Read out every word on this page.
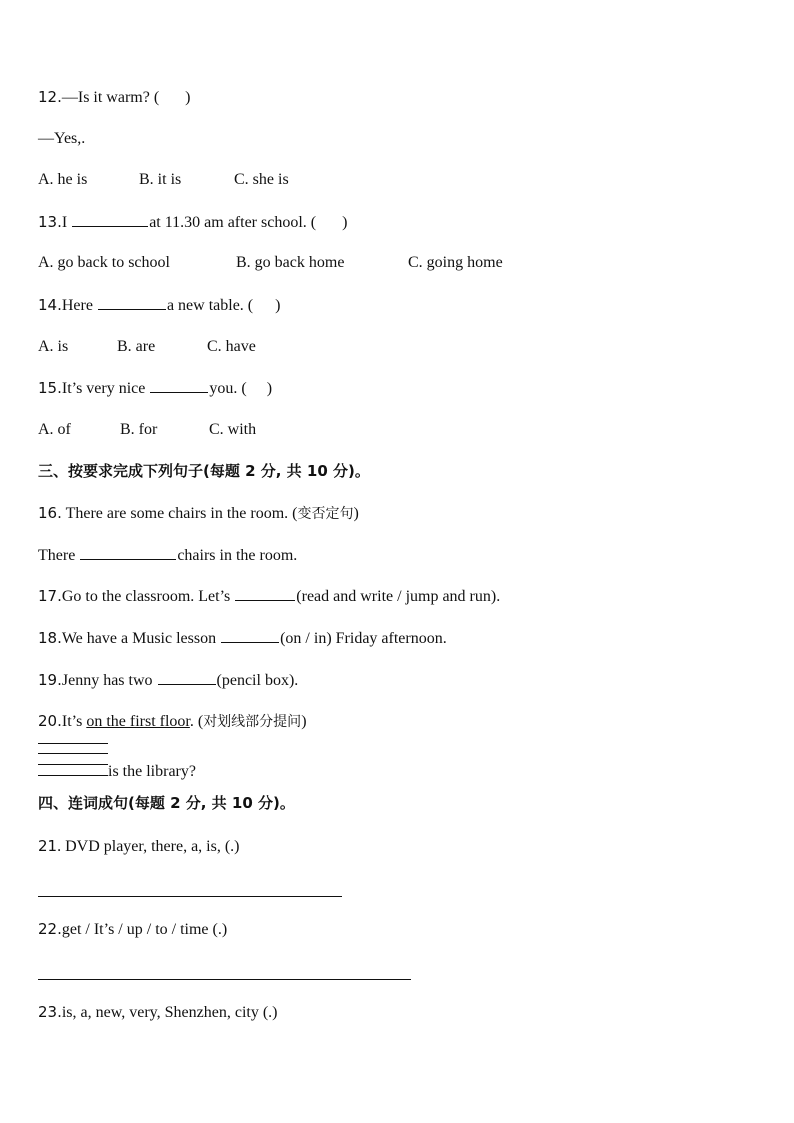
12.—Is it warm? ( )
—Yes,.
A. he is	B. it is	C. she is
13.I	at 11.30 am after school. ( )
A. go back to school	B. go back home	C. going home
14.Here	a new table. ( )
A. is	B. are	C. have
15.It’s very nice	you. ( )
A. of	B. for	C. with
三、按要求完成下列句子(每题 2 分, 共 10 分)。
16. There are some chairs in the room. (变否定句)
There	chairs in the room.
17.Go to the classroom. Let’s	(read and write / jump and run).
18.We have a Music lesson	(on / in) Friday afternoon.
19.Jenny has two	(pencil box).
20.It’s on the first floor. (对划线部分提问)
is the library?
四、连词成句(每题 2 分, 共 10 分)。
21. DVD player, there, a, is, (.)
22.get / It’s / up / to / time (.)
23.is, a, new, very, Shenzhen, city (.)
